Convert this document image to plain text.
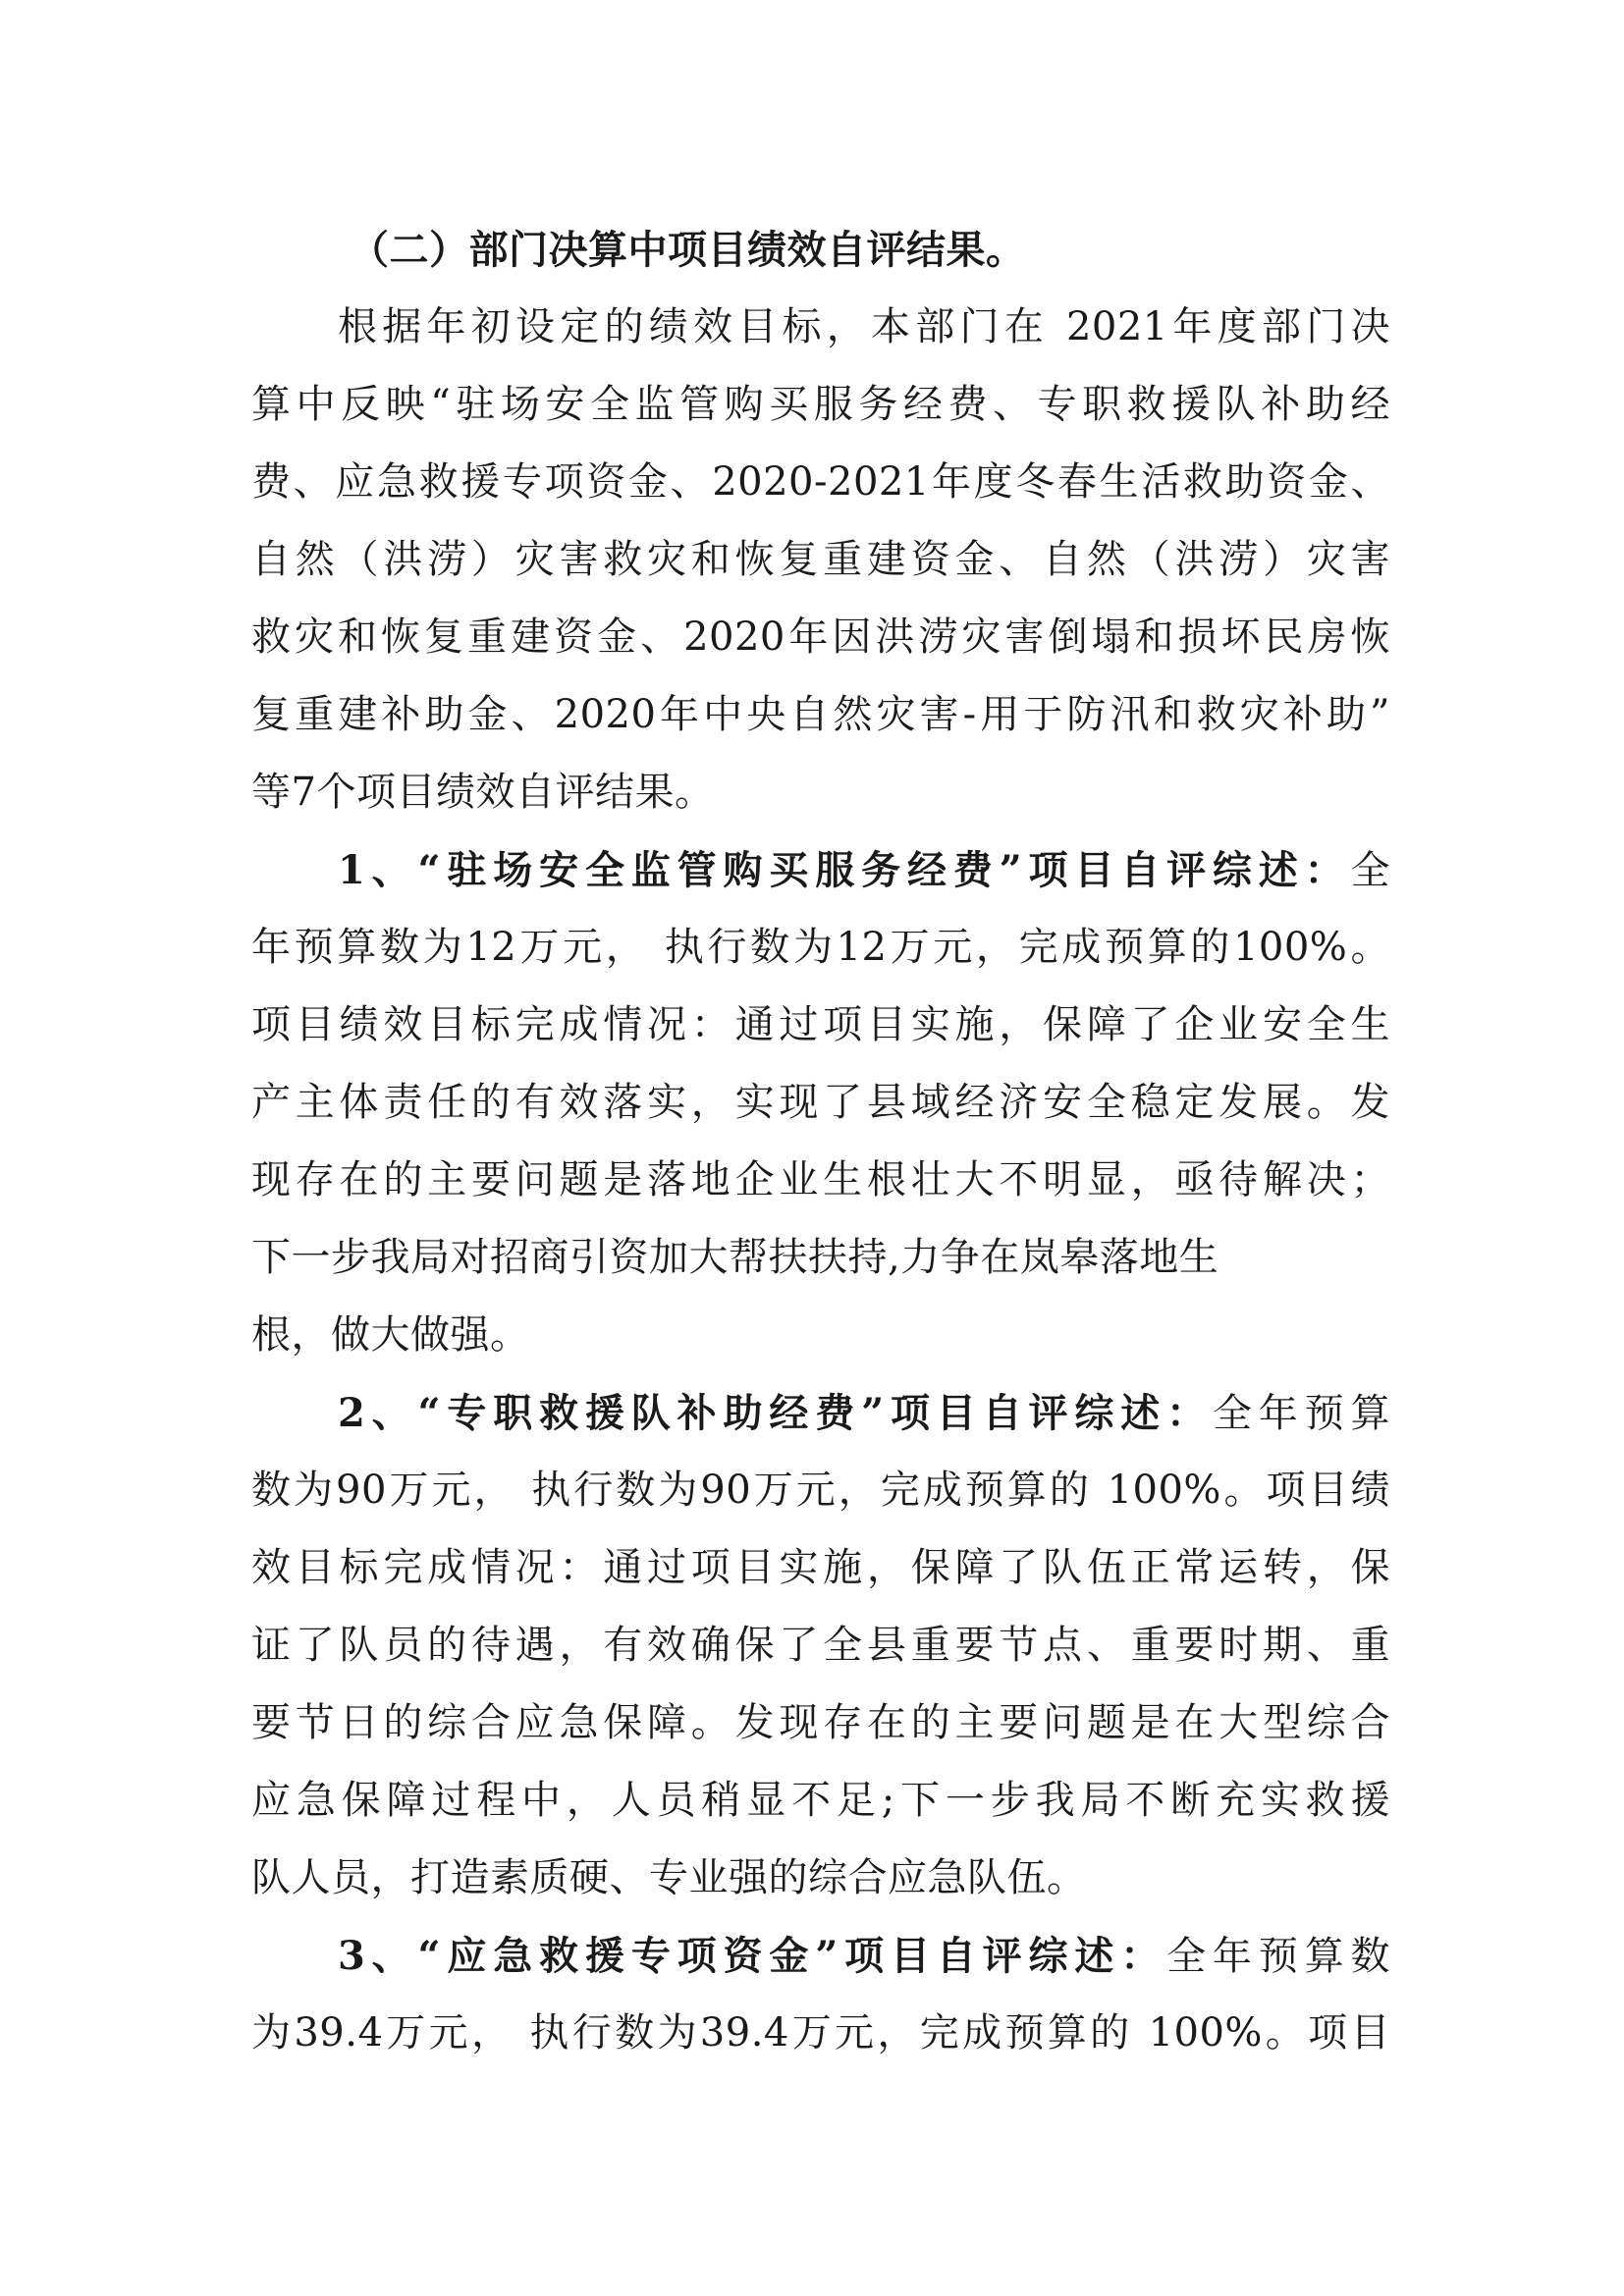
（二）部门决算中项目绩效自评结果。
根据年初设定的绩效目标，本部门在 2021年度部门决
算中反映“驻场安全监管购买服务经费、专职救援队补助经
费、应急救援专项资金、2020-2021年度冬春生活救助资金、
自然（洪涝）灾害救灾和恢复重建资金、自然（洪涝）灾害
救灾和恢复重建资金、2020年因洪涝灾害倒塌和损坏民房恢
复重建补助金、2020年中央自然灾害-用于防汛和救灾补助”
等7个项目绩效自评结果。
1、“驻场安全监管购买服务经费”项目自评综述：全
年预算数为12万元， 执行数为12万元，完成预算的100%。
项目绩效目标完成情况：通过项目实施，保障了企业安全生
产主体责任的有效落实，实现了县域经济安全稳定发展。发
现存在的主要问题是落地企业生根壮大不明显，亟待解决；
下一步我局对招商引资加大帮扶扶持,力争在岚皋落地生
根，做大做强。
2、“专职救援队补助经费”项目自评综述：全年预算
数为90万元， 执行数为90万元，完成预算的 100%。项目绩
效目标完成情况：通过项目实施，保障了队伍正常运转，保
证了队员的待遇，有效确保了全县重要节点、重要时期、重
要节日的综合应急保障。发现存在的主要问题是在大型综合
应急保障过程中，人员稍显不足;下一步我局不断充实救援
队人员，打造素质硬、专业强的综合应急队伍。
3、“应急救援专项资金”项目自评综述：全年预算数
为39.4万元， 执行数为39.4万元，完成预算的 100%。项目
